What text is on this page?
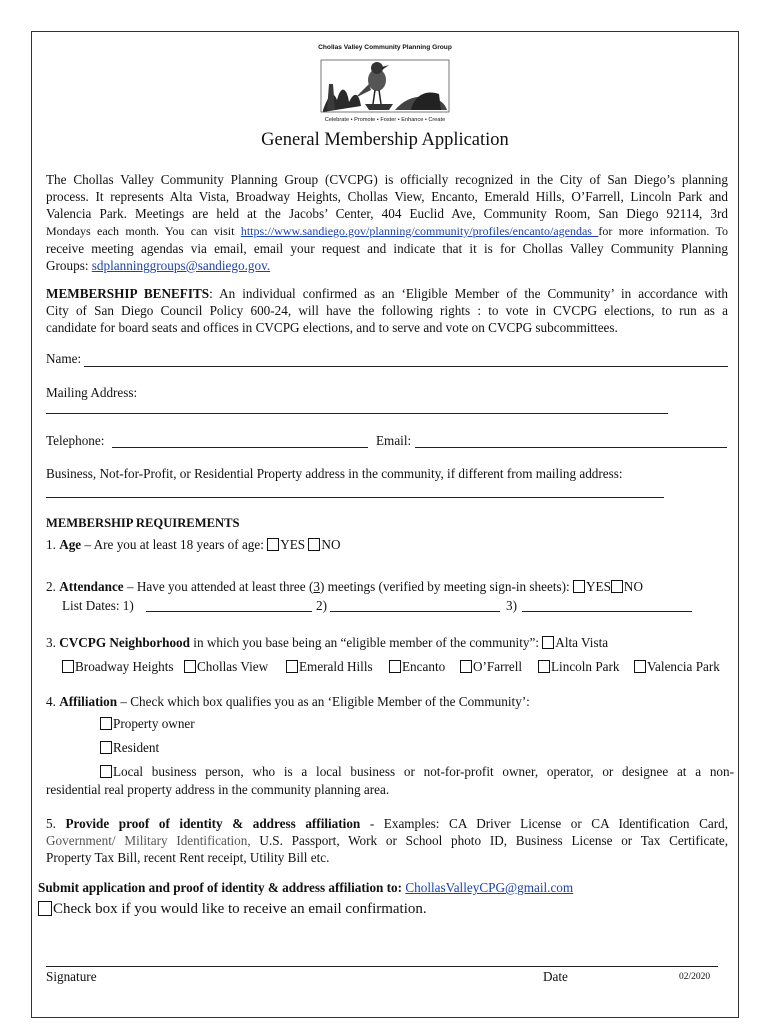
Chollas Valley Community Planning Group
Celebrate • Promote • Foster • Enhance • Create
General Membership Application
The Chollas Valley Community Planning Group (CVCPG) is officially recognized in the City of San Diego’s planning
process. It represents Alta Vista, Broadway Heights, Chollas View, Encanto, Emerald Hills, O’Farrell, Lincoln Park and
Valencia Park. Meetings are held at the Jacobs’ Center, 404 Euclid Ave, Community Room, San Diego 92114, 3rd
Mondays each month. You can visit https://www.sandiego.gov/planning/community/profiles/encanto/agendas for more information. To
receive meeting agendas via email, email your request and indicate that it is for Chollas Valley Community Planning
Groups: sdplanninggroups@sandiego.gov.
MEMBERSHIP BENEFITS: An individual confirmed as an ‘Eligible Member of the Community’ in accordance with
City of San Diego Council Policy 600-24, will have the following rights : to vote in CVCPG elections, to run as a
candidate for board seats and offices in CVCPG elections, and to serve and vote on CVCPG subcommittees.
Name:
Mailing Address:
Telephone:	Email:
Business, Not-for-Profit, or Residential Property address in the community, if different from mailing address:
MEMBERSHIP REQUIREMENTS
1. Age – Are you at least 18 years of age: YES NO
2. Attendance – Have you attended at least three (3) meetings (verified by meeting sign-in sheets): YES NO
List Dates: 1)	2)	3)
3. CVCPG Neighborhood in which you base being an “eligible member of the community”: Alta Vista
Broadway Heights	Chollas View	Emerald Hills	Encanto	O’Farrell	Lincoln Park	Valencia Park
4. Affiliation – Check which box qualifies you as an ‘Eligible Member of the Community’:
Property owner
Resident
Local business person, who is a local business or not-for-profit owner, operator, or designee at a non-
residential real property address in the community planning area.
5. Provide proof of identity & address affiliation - Examples: CA Driver License or CA Identification Card,
Government/ Military Identification, U.S. Passport, Work or School photo ID, Business License or Tax Certificate,
Property Tax Bill, recent Rent receipt, Utility Bill etc.
Submit application and proof of identity & address affiliation to: ChollasValleyCPG@gmail.com
Check box if you would like to receive an email confirmation.
Signature	Date	02/2020
